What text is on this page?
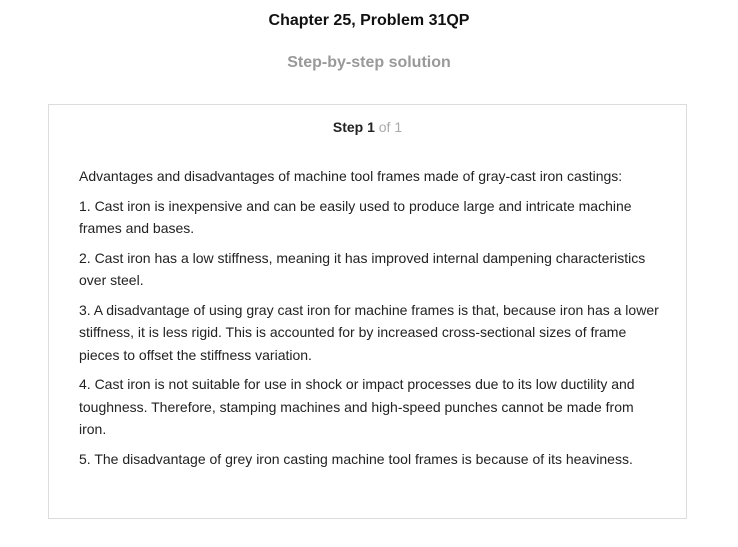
Chapter 25, Problem 31QP
Step-by-step solution
Step 1 of 1

Advantages and disadvantages of machine tool frames made of gray-cast iron castings:

1. Cast iron is inexpensive and can be easily used to produce large and intricate machine frames and bases.

2. Cast iron has a low stiffness, meaning it has improved internal dampening characteristics over steel.

3. A disadvantage of using gray cast iron for machine frames is that, because iron has a lower stiffness, it is less rigid. This is accounted for by increased cross-sectional sizes of frame pieces to offset the stiffness variation.

4. Cast iron is not suitable for use in shock or impact processes due to its low ductility and toughness. Therefore, stamping machines and high-speed punches cannot be made from iron.

5. The disadvantage of grey iron casting machine tool frames is because of its heaviness.
